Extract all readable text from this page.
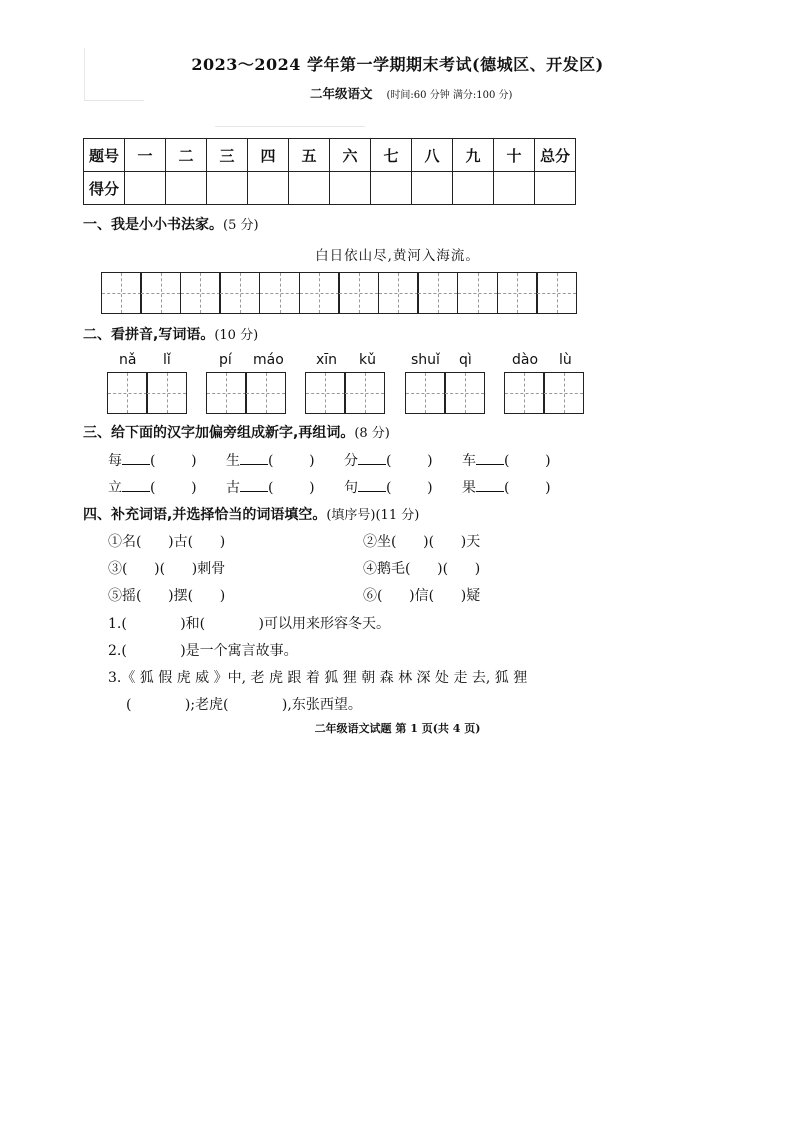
2023～2024 学年第一学期期末考试(德城区、开发区)
二年级语文 (时间:60 分钟 满分:100 分)
题号	一	二	三	四	五	六	七	八	九	十	总分
得分											
一、我是小小书法家。(5 分)
白日依山尽,黄河入海流。
二、看拼音,写词语。(10 分)
nǎ lǐ	pí máo xīn kǔ	shuǐ qì	dào lù
三、给下面的汉字加偏旁组成新字,再组词。(8 分)
每 (        ) 生 (        ) 分 (        ) 车 (        )
立 (        ) 古 (        ) 句 (        ) 果 (        )
四、补充词语,并选择恰当的词语填空。(填序号)(11 分)
①名(      )古(      )	②坐(      )(      )天
③(      )(      )刺骨	④鹅毛(      )(      )
⑤摇(      )摆(      )	⑥(      )信(      )疑
1.(            )和(            )可以用来形容冬天。
2.(            )是一个寓言故事。
3.《 狐 假 虎 威 》中, 老 虎 跟 着 狐 狸 朝 森 林 深 处 走 去, 狐 狸
(            );老虎(            ),东张西望。
二年级语文试题 第 1 页(共 4 页)
